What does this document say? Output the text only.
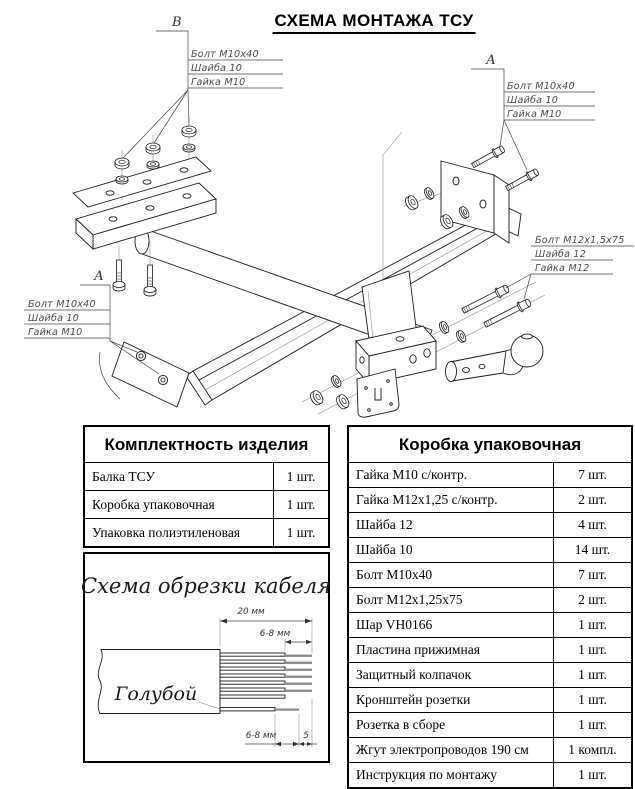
СХЕМА МОНТАЖА ТСУ
В
Болт М10х40
Шайба 10
Гайка М10
А
Болт М10х40
Шайба 10
Гайка М10
А
Болт М10х40
Шайба 10
Гайка М10
Болт М12х1,5х75
Шайба 12
Гайка М12
Комплектность изделия	
Балка ТСУ	1 шт.
Коробка упаковочная	1 шт.
Упаковка полиэтиленовая	1 шт.
Коробка упаковочная	
Гайка М10 с/контр.	7 шт.
Гайка М12х1,25 с/контр.	2 шт.
Шайба 12	4 шт.
Шайба 10	14 шт.
Болт М10х40	7 шт.
Болт М12х1,25х75	2 шт.
Шар VH0166	1 шт.
Пластина прижимная	1 шт.
Защитный колпачок	1 шт.
Кронштейн розетки	1 шт.
Розетка в сборе	1 шт.
Жгут электропроводов 190 см	1 компл.
Инструкция по монтажу	1 шт.
Схема обрезки кабеля
Голубой
20 мм
6-8 мм
6-8 мм	5
